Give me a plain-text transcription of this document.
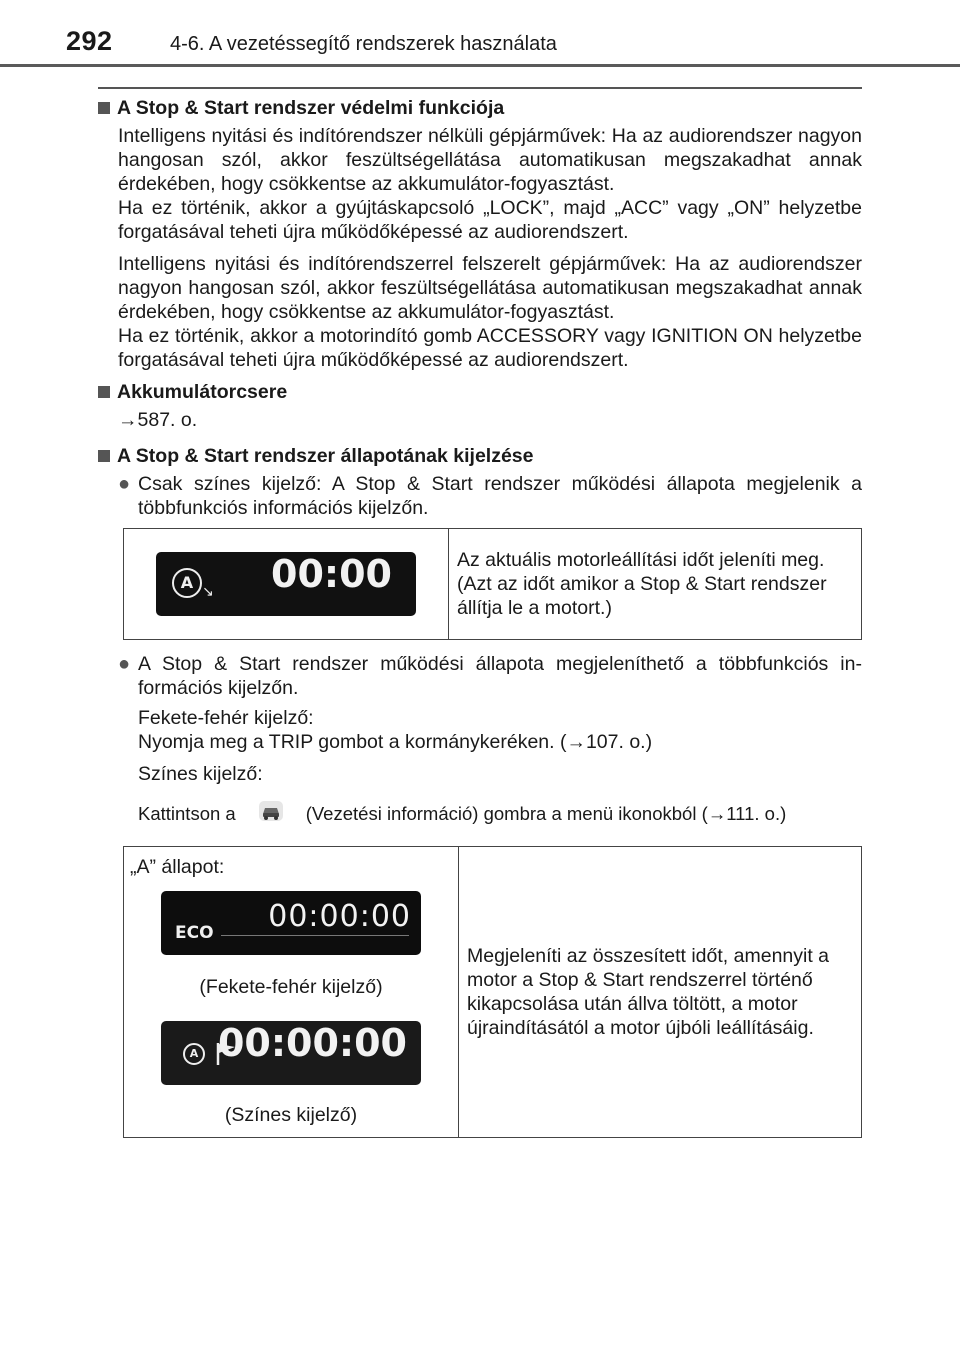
292	4-6. A vezetéssegítő rendszerek használata
A Stop & Start rendszer védelmi funkciója
Intelligens nyitási és indítórendszer nélküli gépjárművek: Ha az audiorendszer nagyon hangosan szól, akkor feszültségellátása automatikusan megszakadhat annak érdekében, hogy csökkentse az akkumulátor-fogyasztást.
Ha ez történik, akkor a gyújtáskapcsoló „LOCK”, majd „ACC” vagy „ON” helyzetbe forgatásával teheti újra működőképessé az audiorendszert.
Intelligens nyitási és indítórendszerrel felszerelt gépjárművek: Ha az audiorendszer nagyon hangosan szól, akkor feszültségellátása automatikusan megszakadhat annak érdekében, hogy csökkentse az akkumulátor-fogyasztást.
Ha ez történik, akkor a motorindító gomb ACCESSORY vagy IGNITION ON helyzetbe forgatásával teheti újra működőképessé az audiorendszert.
Akkumulátorcsere
→587. o.
A Stop & Start rendszer állapotának kijelzése
● Csak színes kijelző: A Stop & Start rendszer működési állapota megjelenik a többfunkciós információs kijelzőn.
A ↘ 00:00	Az aktuális motorleállítási időt jeleníti meg. (Azt az időt amikor a Stop & Start rendszer állítja le a motort.)
● A Stop & Start rendszer működési állapota megjeleníthető a többfunkciós információs kijelzőn.
Fekete-fehér kijelző:
Nyomja meg a TRIP gombot a kormánykeréken. (→107. o.)
Színes kijelző:
Kattintson a	(Vezetési információ) gombra a menü ikonokból (→111. o.)
„A” állapot:
ECO 00:00:00
(Fekete-fehér kijelző)
A 00:00:00
(Színes kijelző)
	Megjeleníti az összesített időt, amennyit a motor a Stop & Start rendszerrel történő kikapcsolása után állva töltött, a motor újraindításától a motor újbóli leállításáig.
